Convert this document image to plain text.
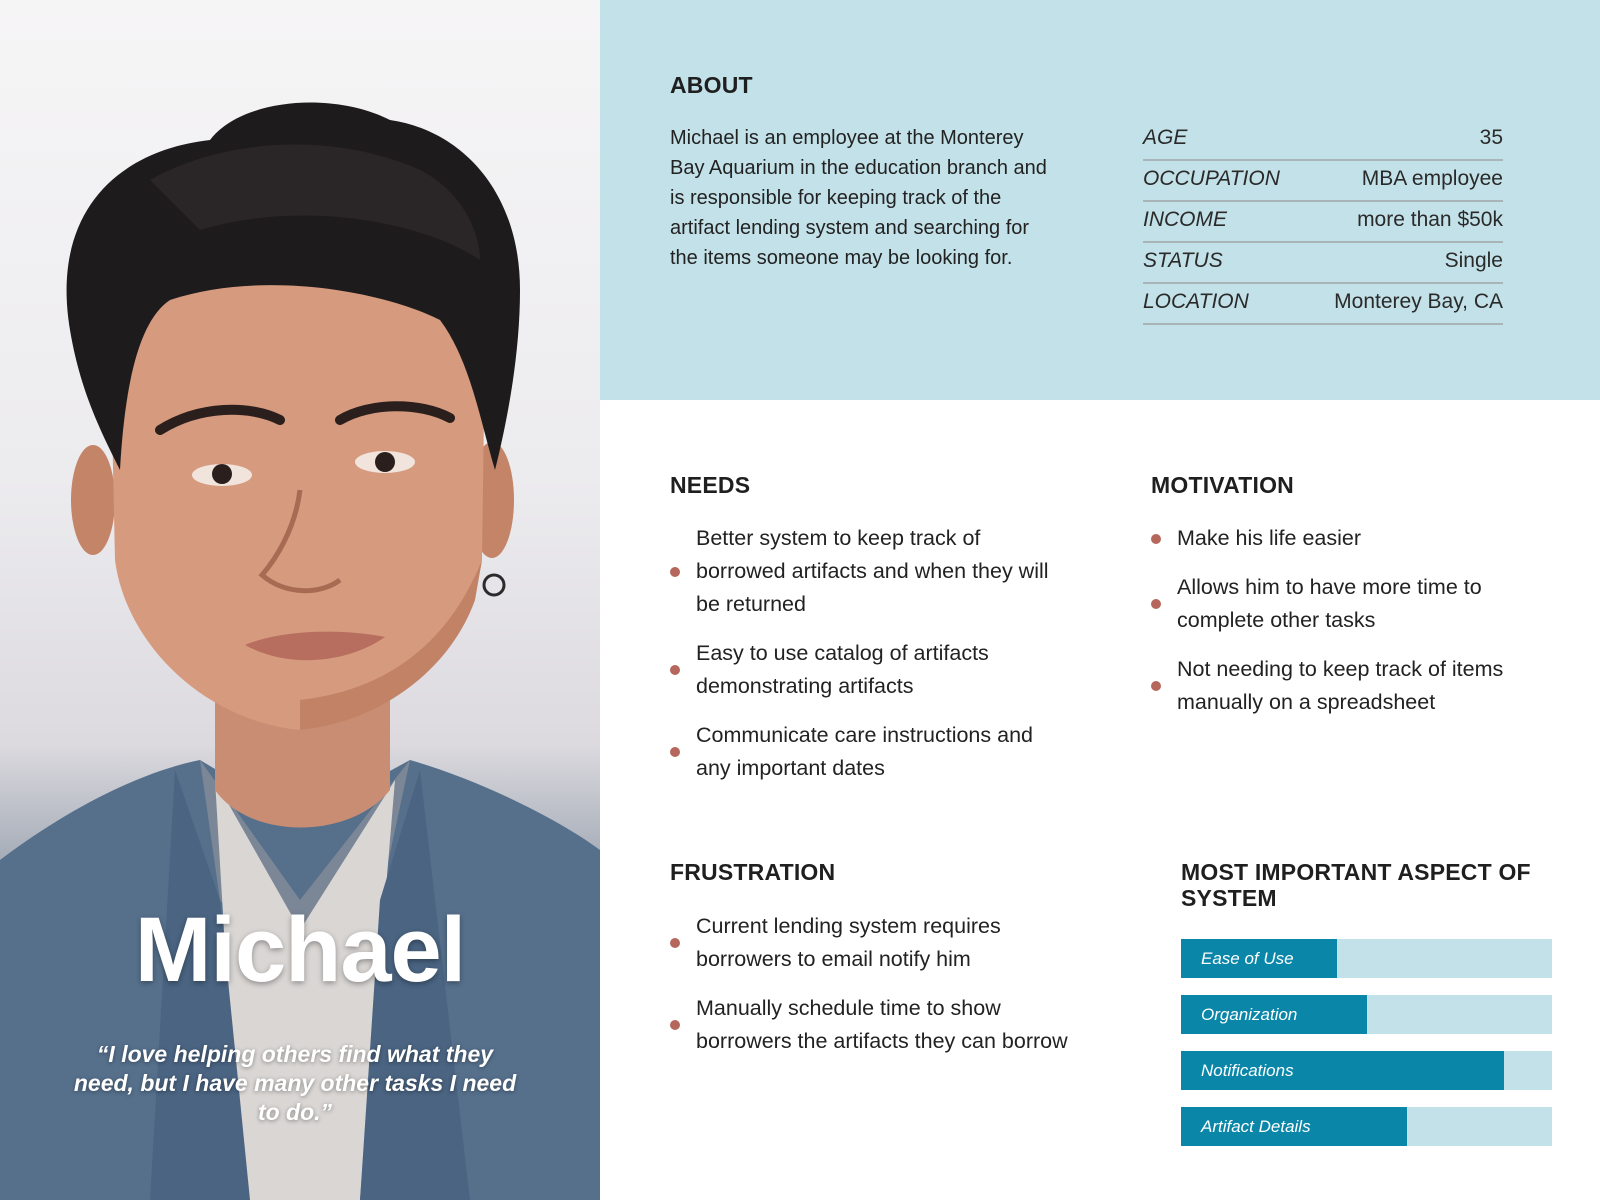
Michael
“I love helping others find what they need, but I have many other tasks I need to do.”
ABOUT
Michael is an employee at the Monterey Bay Aquarium in the education branch and is responsible for keeping track of the artifact lending system and searching for the items someone may be looking for.
AGE	35
OCCUPATION	MBA employee
INCOME	more than $50k
STATUS	Single
LOCATION	Monterey Bay, CA
NEEDS
Better system to keep track of borrowed artifacts and when they will be returned
Easy to use catalog of artifacts demonstrating artifacts
Communicate care instructions and any important dates
MOTIVATION
Make his life easier
Allows him to have more time to complete other tasks
Not needing to keep track of items manually on a spreadsheet
FRUSTRATION
Current lending system requires borrowers to email notify him
Manually schedule time to show borrowers the artifacts they can borrow
MOST IMPORTANT ASPECT OF SYSTEM
Ease of Use
Organization
Notifications
Artifact Details
